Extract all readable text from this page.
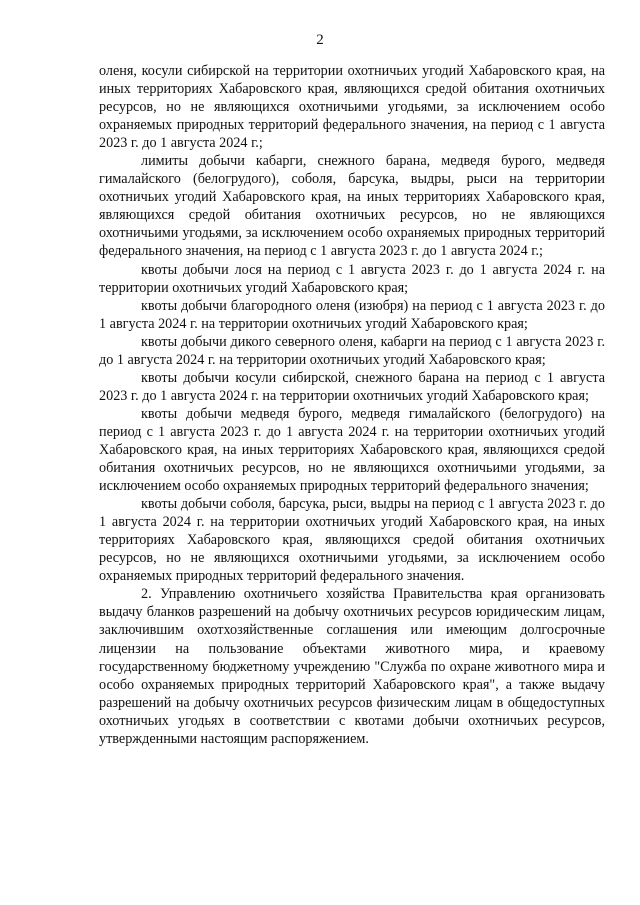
2

оленя, косули сибирской на территории охотничьих угодий Хабаровского края, на иных территориях Хабаровского края, являющихся средой обитания охотничьих ресурсов, но не являющихся охотничьими угодьями, за исключением особо охраняемых природных территорий федерального значения, на период с 1 августа 2023 г. до 1 августа 2024 г.;

лимиты добычи кабарги, снежного барана, медведя бурого, медведя гималайского (белогрудого), соболя, барсука, выдры, рыси на территории охотничьих угодий Хабаровского края, на иных территориях Хабаровского края, являющихся средой обитания охотничьих ресурсов, но не являющихся охотничьими угодьями, за исключением особо охраняемых природных территорий федерального значения, на период с 1 августа 2023 г. до 1 августа 2024 г.;

квоты добычи лося на период с 1 августа 2023 г. до 1 августа 2024 г. на территории охотничьих угодий Хабаровского края;

квоты добычи благородного оленя (изюбря) на период с 1 августа 2023 г. до 1 августа 2024 г. на территории охотничьих угодий Хабаровского края;

квоты добычи дикого северного оленя, кабарги на период с 1 августа 2023 г. до 1 августа 2024 г. на территории охотничьих угодий Хабаровского края;

квоты добычи косули сибирской, снежного барана на период с 1 августа 2023 г. до 1 августа 2024 г. на территории охотничьих угодий Хабаровского края;

квоты добычи медведя бурого, медведя гималайского (белогрудого) на период с 1 августа 2023 г. до 1 августа 2024 г. на территории охотничьих угодий Хабаровского края, на иных территориях Хабаровского края, являющихся средой обитания охотничьих ресурсов, но не являющихся охотничьими угодьями, за исключением особо охраняемых природных территорий федерального значения;

квоты добычи соболя, барсука, рыси, выдры на период с 1 августа 2023 г. до 1 августа 2024 г. на территории охотничьих угодий Хабаровского края, на иных территориях Хабаровского края, являющихся средой обитания охотничьих ресурсов, но не являющихся охотничьими угодьями, за исключением особо охраняемых природных территорий федерального значения.

2. Управлению охотничьего хозяйства Правительства края организовать выдачу бланков разрешений на добычу охотничьих ресурсов юридическим лицам, заключившим охотхозяйственные соглашения или имеющим долгосрочные лицензии на пользование объектами животного мира, и краевому государственному бюджетному учреждению "Служба по охране животного мира и особо охраняемых природных территорий Хабаровского края", а также выдачу разрешений на добычу охотничьих ресурсов физическим лицам в общедоступных охотничьих угодьях в соответствии с квотами добычи охотничьих ресурсов, утвержденными настоящим распоряжением.
